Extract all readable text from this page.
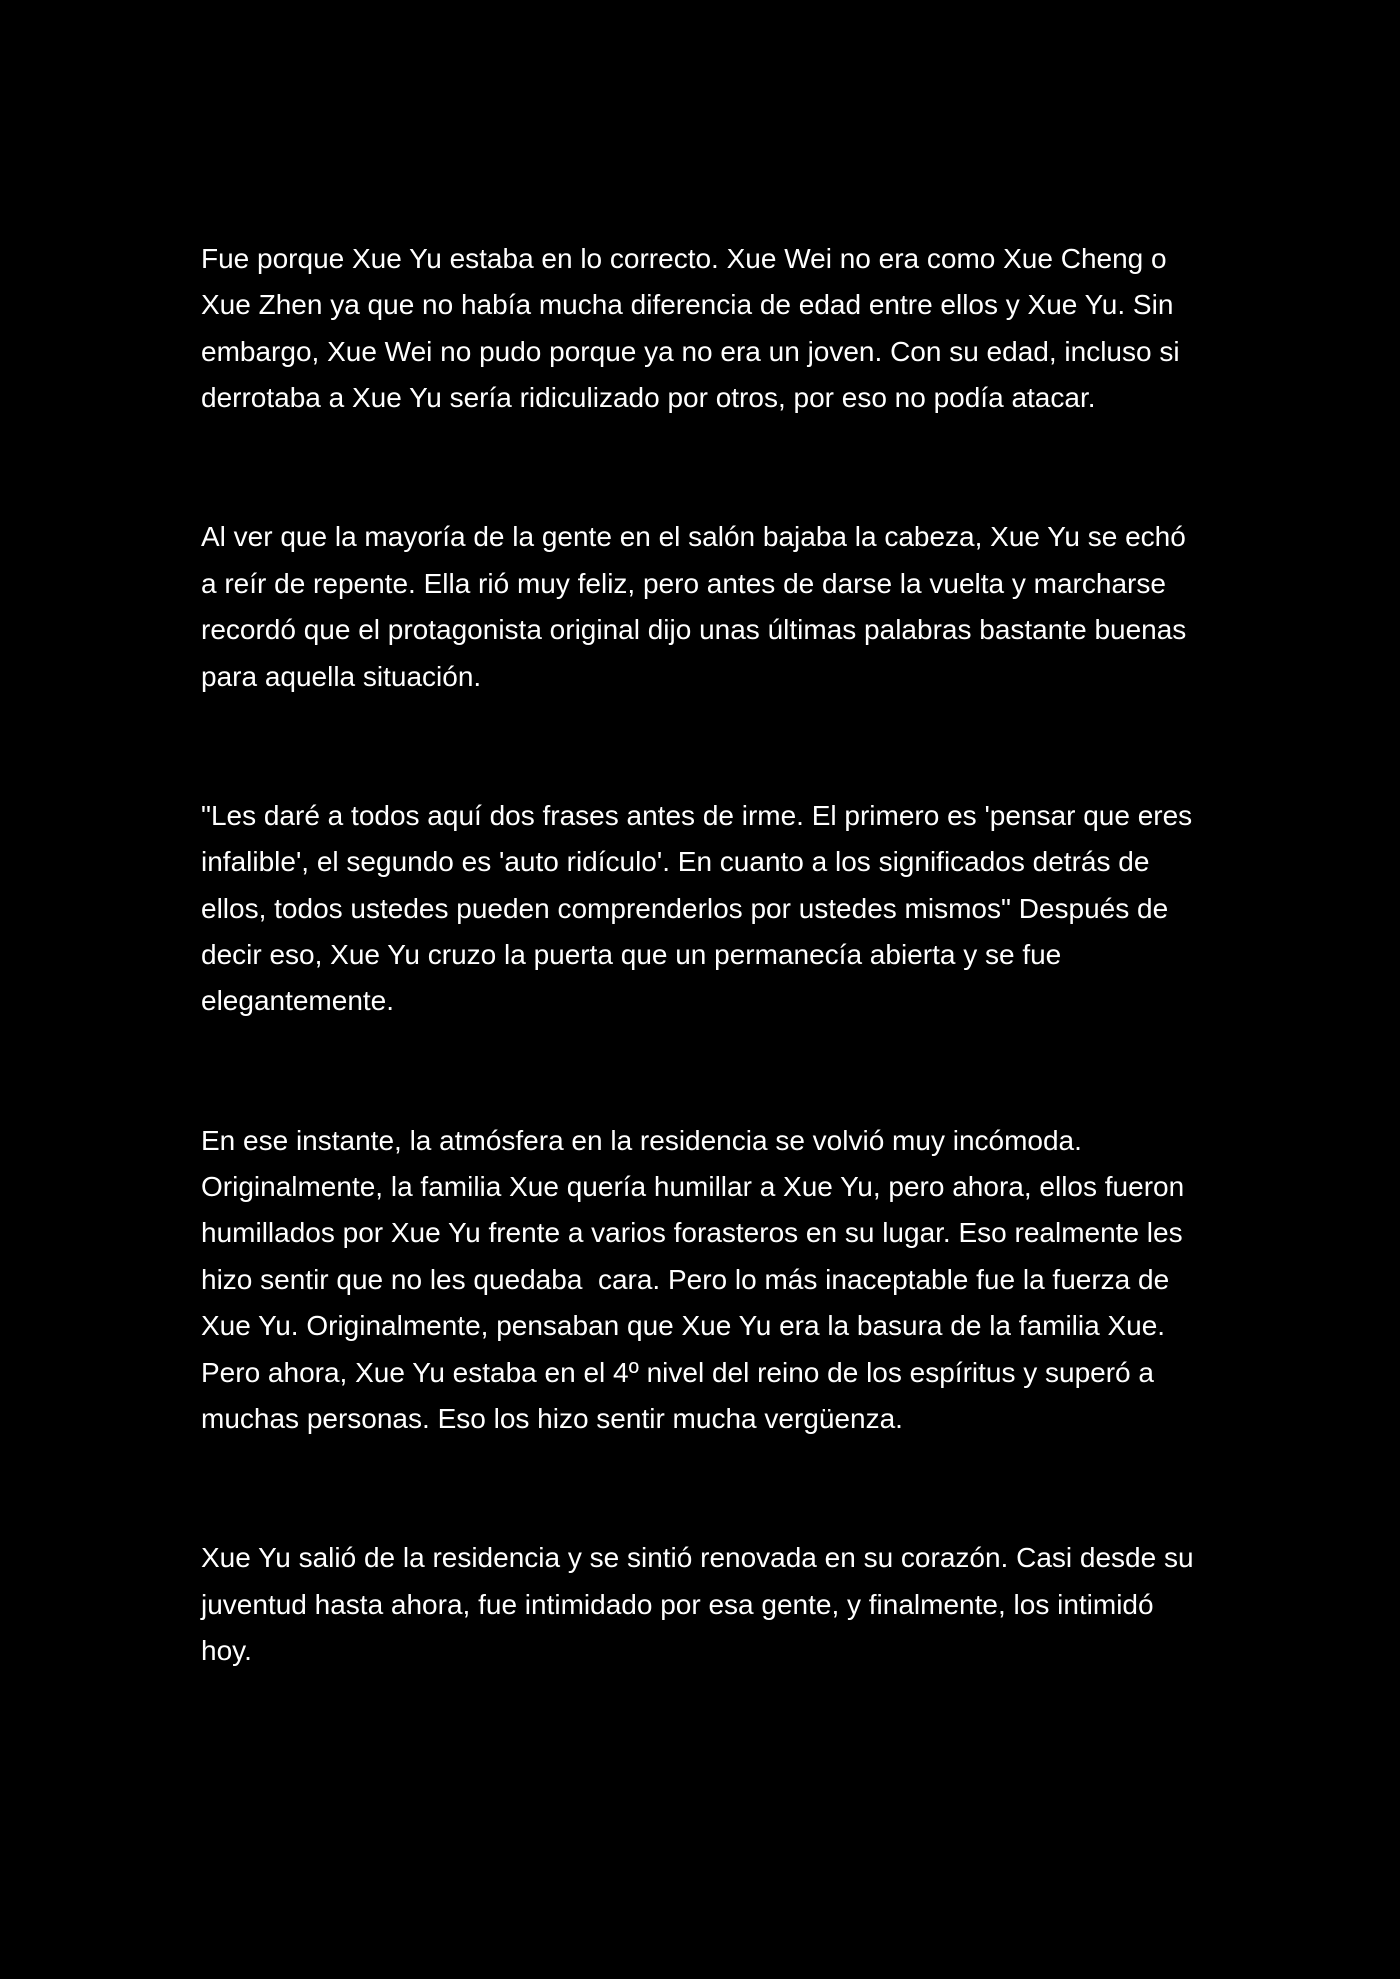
Fue porque Xue Yu estaba en lo correcto. Xue Wei no era como Xue Cheng o Xue Zhen ya que no había mucha diferencia de edad entre ellos y Xue Yu. Sin embargo, Xue Wei no pudo porque ya no era un joven. Con su edad, incluso si derrotaba a Xue Yu sería ridiculizado por otros, por eso no podía atacar.

Al ver que la mayoría de la gente en el salón bajaba la cabeza, Xue Yu se echó a reír de repente. Ella rió muy feliz, pero antes de darse la vuelta y marcharse recordó que el protagonista original dijo unas últimas palabras bastante buenas para aquella situación.

"Les daré a todos aquí dos frases antes de irme. El primero es 'pensar que eres infalible', el segundo es 'auto ridículo'. En cuanto a los significados detrás de ellos, todos ustedes pueden comprenderlos por ustedes mismos" Después de decir eso, Xue Yu cruzo la puerta que un permanecía abierta y se fue elegantemente.

En ese instante, la atmósfera en la residencia se volvió muy incómoda. Originalmente, la familia Xue quería humillar a Xue Yu, pero ahora, ellos fueron humillados por Xue Yu frente a varios forasteros en su lugar. Eso realmente les hizo sentir que no les quedaba  cara. Pero lo más inaceptable fue la fuerza de Xue Yu. Originalmente, pensaban que Xue Yu era la basura de la familia Xue. Pero ahora, Xue Yu estaba en el 4º nivel del reino de los espíritus y superó a muchas personas. Eso los hizo sentir mucha vergüenza.

Xue Yu salió de la residencia y se sintió renovada en su corazón. Casi desde su juventud hasta ahora, fue intimidado por esa gente, y finalmente, los intimidó hoy.
